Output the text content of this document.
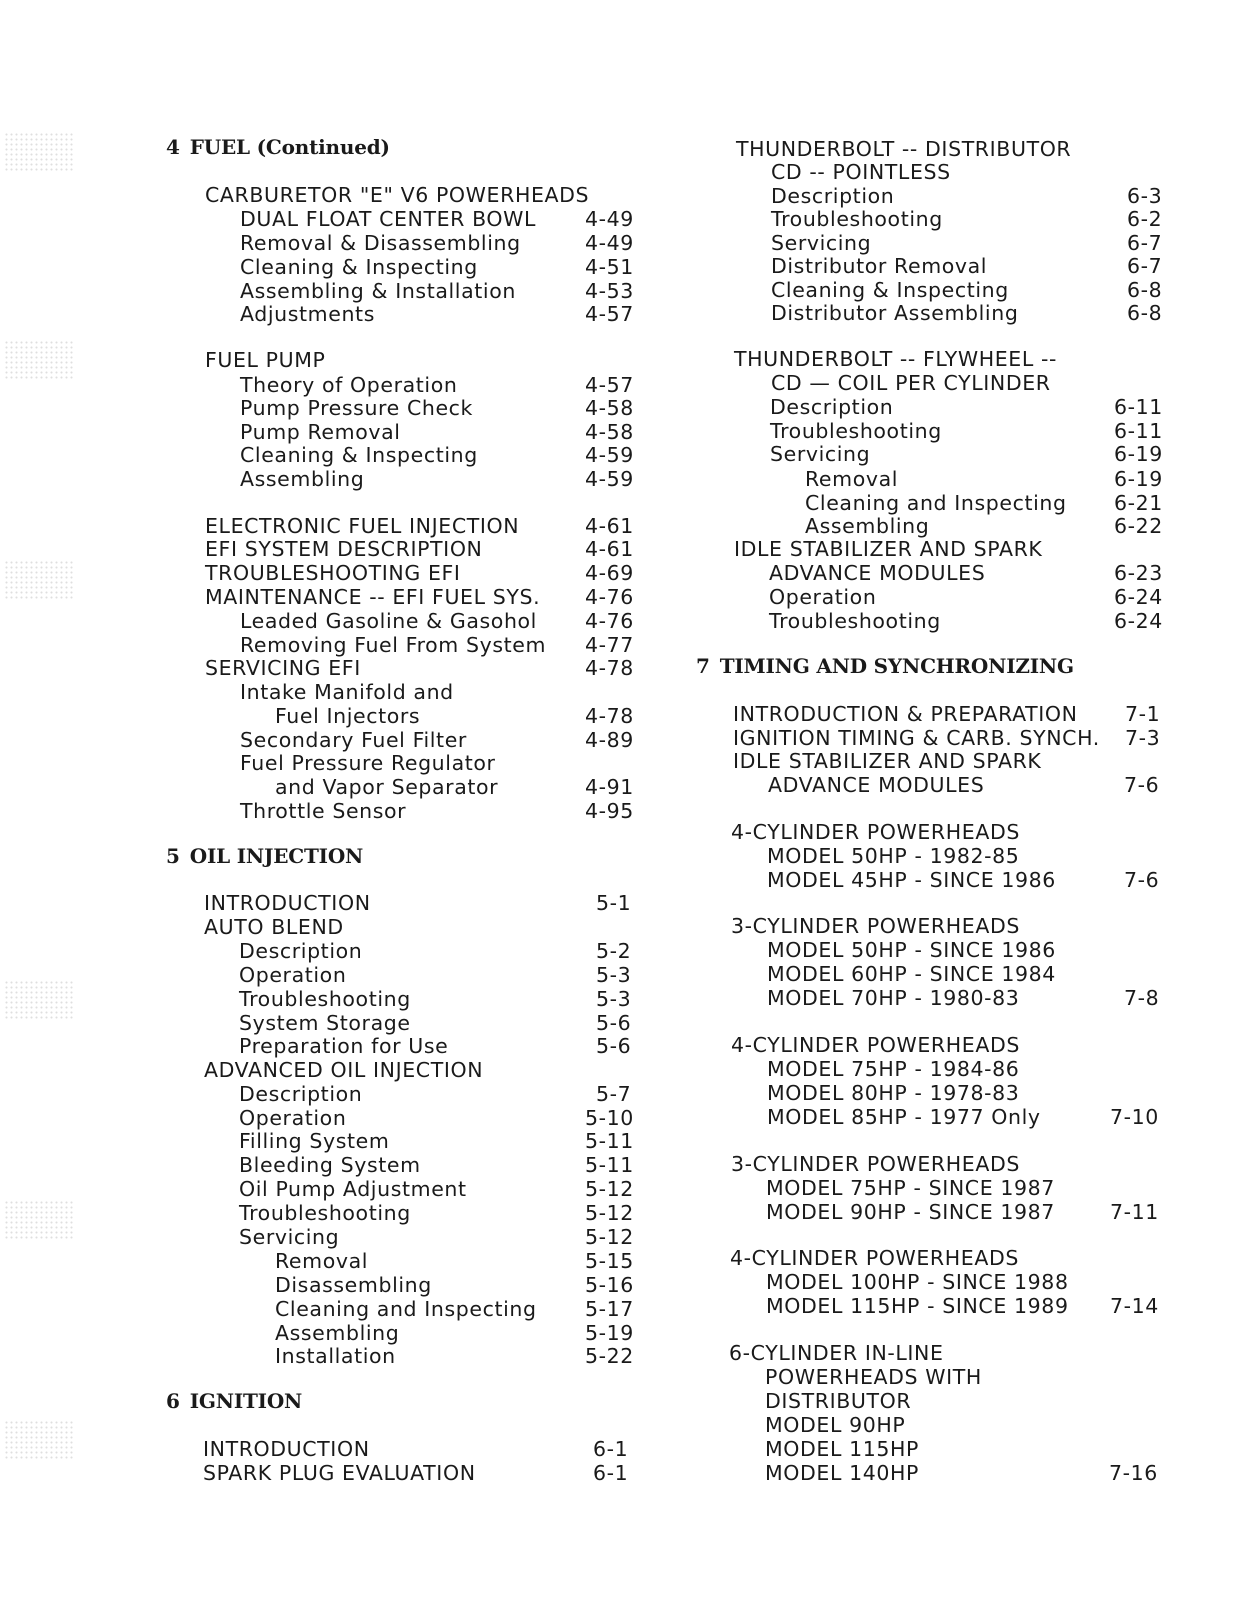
4 FUEL (Continued)
CARBURETOR "E" V6 POWERHEADS
DUAL FLOAT CENTER BOWL 4-49
Removal & Disassembling	4-49
Cleaning & Inspecting	4-51
Assembling & Installation	4-53
Adjustments	4-57
FUEL PUMP
Theory of Operation	4-57
Pump Pressure Check	4-58
Pump Removal	4-58
Cleaning & Inspecting	4-59
Assembling	4-59
ELECTRONIC FUEL INJECTION	4-61
EFI SYSTEM DESCRIPTION	4-61
TROUBLESHOOTING EFI	4-69
MAINTENANCE -- EFI FUEL SYS. 4-76
Leaded Gasoline & Gasohol 4-76
Removing Fuel From System 4-77
SERVICING EFI	4-78
Intake Manifold and
Fuel Injectors	4-78
Secondary Fuel Filter	4-89
Fuel Pressure Regulator
and Vapor Separator	4-91
Throttle Sensor	4-95
5 OIL INJECTION
INTRODUCTION	5-1
AUTO BLEND
Description	5-2
Operation	5-3
Troubleshooting	5-3
System Storage	5-6
Preparation for Use	5-6
ADVANCED OIL INJECTION
Description	5-7
Operation	5-10
Filling System	5-11
Bleeding System	5-11
Oil Pump Adjustment	5-12
Troubleshooting	5-12
Servicing	5-12
Removal	5-15
Disassembling	5-16
Cleaning and Inspecting 5-17
Assembling	5-19
Installation	5-22
6 IGNITION
INTRODUCTION	6-1
SPARK PLUG EVALUATION	6-1
THUNDERBOLT -- DISTRIBUTOR
CD -- POINTLESS
Description	6-3
Troubleshooting	6-2
Servicing	6-7
Distributor Removal	6-7
Cleaning & Inspecting	6-8
Distributor Assembling	6-8
THUNDERBOLT -- FLYWHEEL --
CD — COIL PER CYLINDER
Description	6-11
Troubleshooting	6-11
Servicing	6-19
Removal	6-19
Cleaning and Inspecting 6-21
Assembling	6-22
IDLE STABILIZER AND SPARK
ADVANCE MODULES	6-23
Operation	6-24
Troubleshooting	6-24
7 TIMING AND SYNCHRONIZING
INTRODUCTION & PREPARATION 7-1
IGNITION TIMING & CARB. SYNCH. 7-3
IDLE STABILIZER AND SPARK
ADVANCE MODULES	7-6
4-CYLINDER POWERHEADS
MODEL 50HP - 1982-85
MODEL 45HP - SINCE 1986	7-6
3-CYLINDER POWERHEADS
MODEL 50HP - SINCE 1986
MODEL 60HP - SINCE 1984
MODEL 70HP - 1980-83	7-8
4-CYLINDER POWERHEADS
MODEL 75HP - 1984-86
MODEL 80HP - 1978-83
MODEL 85HP - 1977 Only	7-10
3-CYLINDER POWERHEADS
MODEL 75HP - SINCE 1987
MODEL 90HP - SINCE 1987	7-11
4-CYLINDER POWERHEADS
MODEL 100HP - SINCE 1988
MODEL 115HP - SINCE 1989 7-14
6-CYLINDER IN-LINE
POWERHEADS WITH
DISTRIBUTOR
MODEL 90HP
MODEL 115HP
MODEL 140HP	7-16
